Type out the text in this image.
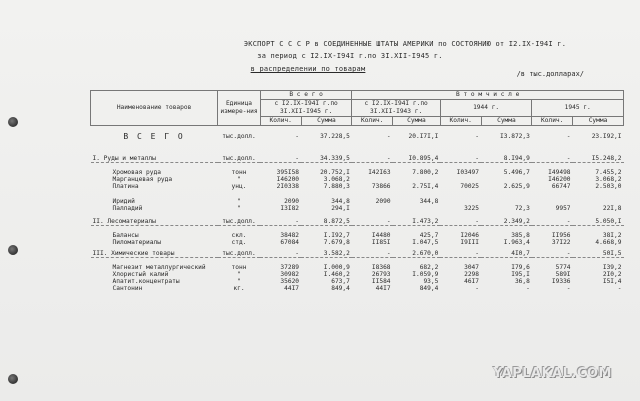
ЭКСПОРТ С С С Р в СОЕДИНЕННЫЕ ШТАТЫ АМЕРИКИ по СОСТОЯНИЮ от I2.IX-I94I г.
за период с I2.IX-I94I г.по 3I.XII-I945 г.
в распределении по товарам
/в тыс.долларах/
Наименование товаров	Единица измере-ния	В с е г о		В т о м ч и с л е					
		с I2.IX-I94I г.по 3I.XII-I945 г.		с I2.IX-I94I г.по 3I.XII-I943 г.		1944 г.		1945 г.	
		Колич.	Сумма	Колич.	Сумма	Колич.	Сумма	Колич.	Сумма

В С Е Г О	тыс.долл.	-	37.228,5	-	20.I7I,I	-	I3.872,3	-	23.I92,I

I. Руды и металлы	тыс.долл.	-	34.339,5	-	I0.895,4	-	8.I94,9	-	I5.248,2

Хромовая руда	тонн	395I58	20.752,I	I42I63	7.800,2	I03497	5.496,7	I49498	7.455,2
Марганцевая руда	"	I46200	3.068,2					I46200	3.068,2
Платина	унц.	2I0338	7.880,3	73866	2.75I,4	70025	2.625,9	66747	2.503,0

Иридий	"	2090	344,8	2090	344,8				
Палладий	"	I3I82	294,I			3225	72,3	9957	22I,8

II. Лесоматериалы	тыс.долл.	-	8.872,5	-	I.473,2	-	2.349,2	-	5.050,I

Балансы	скл.	38482	I.I92,7	I4480	425,7	I2046	385,8	II956	38I,2
Пиломатериалы	стд.	67084	7.679,8	II85I	I.047,5	I9III	I.963,4	37I22	4.668,9

III. Химические товары	тыс.долл.	-	3.582,2	-	2.670,0	-	4I0,7	-	50I,5

Магнезит металлургический	тонн	37289	I.000,9	I8368	682,2	3047	I79,6	5774	I39,2
Хлористый калий	"	30982	I.460,2	26793	I.059,9	2298	I95,I	589I	2I0,2
Апатит.концентраты	"	35620	673,7	II584	93,5	46I7	36,8	I9336	I5I,4
Сантонин	кг.	44I7	849,4	44I7	849,4	-	-	-	-
YAPLAKAL.COM
